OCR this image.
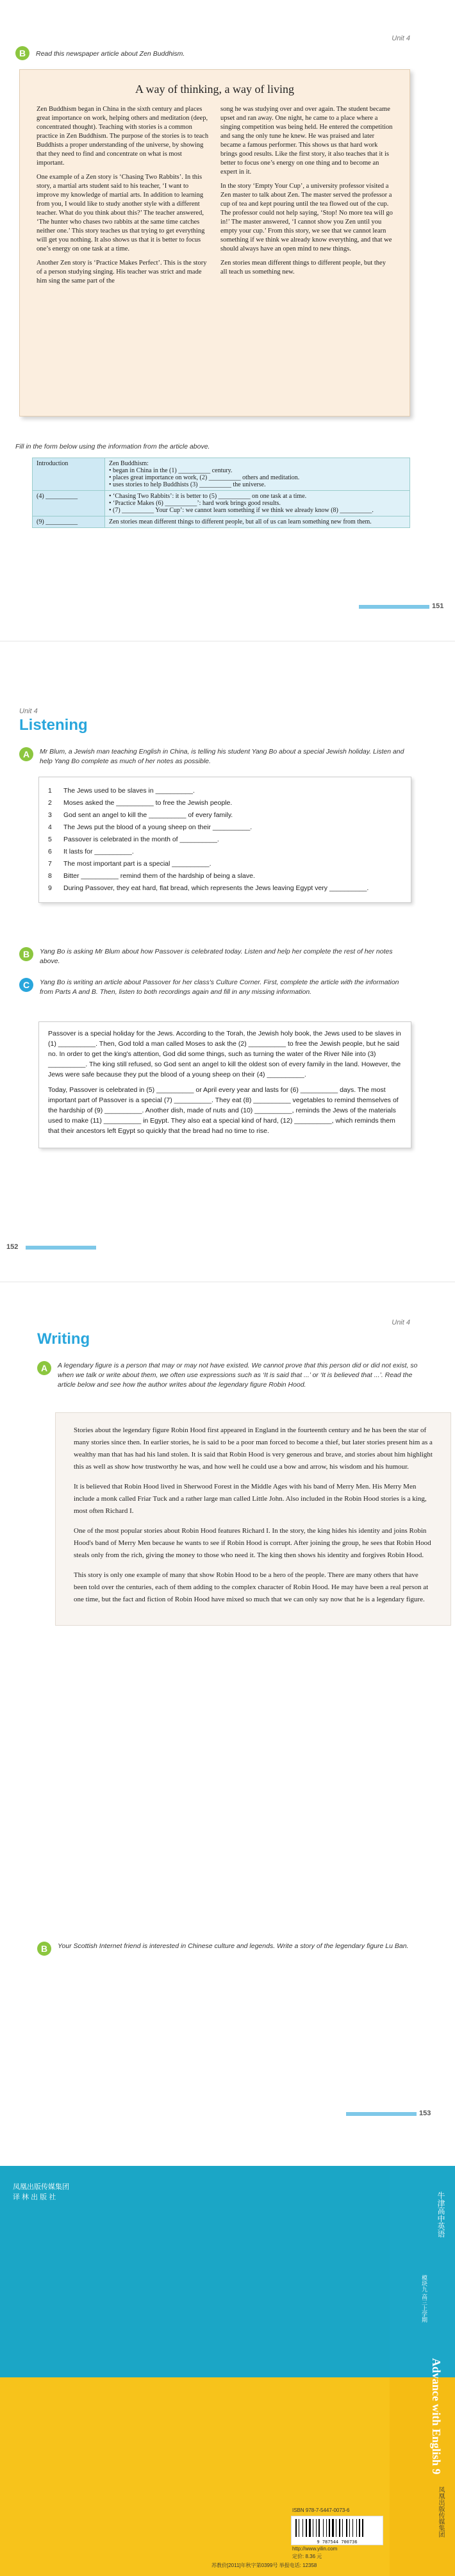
Unit 4
B	Read this newspaper article about Zen Buddhism.
A way of thinking, a way of living

Zen Buddhism began in China in the sixth century and places great importance on work, helping others and meditation (deep, concentrated thought). Teaching with stories is a common practice in Zen Buddhism. The purpose of the stories is to teach Buddhists a proper understanding of the universe, by showing that they need to find and concentrate on what is most important.

One example of a Zen story is ‘Chasing Two Rabbits’. In this story, a martial arts student said to his teacher, ‘I want to improve my knowledge of martial arts. In addition to learning from you, I would like to study another style with a different teacher. What do you think about this?’ The teacher answered, ‘The hunter who chases two rabbits at the same time catches neither one.’ This story teaches us that trying to get everything will get you nothing. It also shows us that it is better to focus one’s energy on one task at a time.

Another Zen story is ‘Practice Makes Perfect’. This is the story of a person studying singing. His teacher was strict and made him sing the same part of the

song he was studying over and over again. The student became upset and ran away. One night, he came to a place where a singing competition was being held. He entered the competition and sang the only tune he knew. He was praised and later became a famous performer. This shows us that hard work brings good results. Like the first story, it also teaches that it is better to focus one’s energy on one thing and to become an expert in it.

In the story ‘Empty Your Cup’, a university professor visited a Zen master to talk about Zen. The master served the professor a cup of tea and kept pouring until the tea flowed out of the cup. The professor could not help saying, ‘Stop! No more tea will go in!’ The master answered, ‘I cannot show you Zen until you empty your cup.’ From this story, we see that we cannot learn something if we think we already know everything, and that we should always have an open mind to new things.

Zen stories mean different things to different people, but they all teach us something new.

Fill in the form below using the information from the article above.
Introduction	Zen Buddhism:
• began in China in the (1) __________ century.
• places great importance on work, (2) __________ others and meditation.
• uses stories to help Buddhists (3) __________ the universe.

(4) __________	• ‘Chasing Two Rabbits’: it is better to (5) __________ on one task at a time.
• ‘Practice Makes (6) __________’: hard work brings good results.
• (7) __________ Your Cup’: we cannot learn something if we think we already know (8) __________.

(9) __________	Zen stories mean different things to different people, but all of us can learn something new from them.
151
Unit 4
Listening
A	Mr Blum, a Jewish man teaching English in China, is telling his student Yang Bo about a special Jewish holiday. Listen and help Yang Bo complete as much of her notes as possible.
1	The Jews used to be slaves in __________.
2	Moses asked the __________ to free the Jewish people.
3	God sent an angel to kill the __________ of every family.
4	The Jews put the blood of a young sheep on their __________.
5	Passover is celebrated in the month of __________.
6	It lasts for __________.
7	The most important part is a special __________.
8	Bitter __________ remind them of the hardship of being a slave.
9	During Passover, they eat hard, flat bread, which represents the Jews leaving Egypt very __________.
B	Yang Bo is asking Mr Blum about how Passover is celebrated today. Listen and help her complete the rest of her notes above.
C	Yang Bo is writing an article about Passover for her class's Culture Corner. First, complete the article with the information from Parts A and B. Then, listen to both recordings again and fill in any missing information.

Passover is a special holiday for the Jews. According to the Torah, the Jewish holy book, the Jews used to be slaves in (1) __________. Then, God told a man called Moses to ask the (2) __________ to free the Jewish people, but he said no. In order to get the king's attention, God did some things, such as turning the water of the River Nile into (3) __________. The king still refused, so God sent an angel to kill the oldest son of every family in the land. However, the Jews were safe because they put the blood of a young sheep on their (4) __________.

Today, Passover is celebrated in (5) __________ or April every year and lasts for (6) __________ days. The most important part of Passover is a special (7) __________. They eat (8) __________ vegetables to remind themselves of the hardship of (9) __________. Another dish, made of nuts and (10) __________, reminds the Jews of the materials used to make (11) __________ in Egypt. They also eat a special kind of hard, (12) __________, which reminds them that their ancestors left Egypt so quickly that the bread had no time to rise.

152
Unit 4
Writing
A	A legendary figure is a person that may or may not have existed. We cannot prove that this person did or did not exist, so when we talk or write about them, we often use expressions such as ‘It is said that ...’ or ‘It is believed that ...’. Read the article below and see how the author writes about the legendary figure Robin Hood.

Stories about the legendary figure Robin Hood first appeared in England in the fourteenth century and he has been the star of many stories since then. In earlier stories, he is said to be a poor man forced to become a thief, but later stories present him as a wealthy man that has had his land stolen. It is said that Robin Hood is very generous and brave, and stories about him highlight this as well as show how trustworthy he was, and how well he could use a bow and arrow, his wisdom and his humour.

It is believed that Robin Hood lived in Sherwood Forest in the Middle Ages with his band of Merry Men. His Merry Men include a monk called Friar Tuck and a rather large man called Little John. Also included in the Robin Hood stories is a king, most often Richard I.

One of the most popular stories about Robin Hood features Richard I. In the story, the king hides his identity and joins Robin Hood's band of Merry Men because he wants to see if Robin Hood is corrupt. After joining the group, he sees that Robin Hood steals only from the rich, giving the money to those who need it. The king then shows his identity and forgives Robin Hood.

This story is only one example of many that show Robin Hood to be a hero of the people. There are many others that have been told over the centuries, each of them adding to the complex character of Robin Hood. He may have been a real person at one time, but the fact and fiction of Robin Hood have mixed so much that we can only say now that he is a legendary figure.

B	Your Scottish Internet friend is interested in Chinese culture and legends. Write a story of the legendary figure Lu Ban.
153
牛津高中英语
模块九 高三上学期
Advance with English 9
凤凰出版传媒集团
凤凰出版传媒集团
译 林 出 版 社
ISBN 978-7-5447-0073-6
9 787544 700736
http://www.yilin.com
定价: 8.36 元
苏教价[2011]年秋字第0399号 举报电话: 12358
